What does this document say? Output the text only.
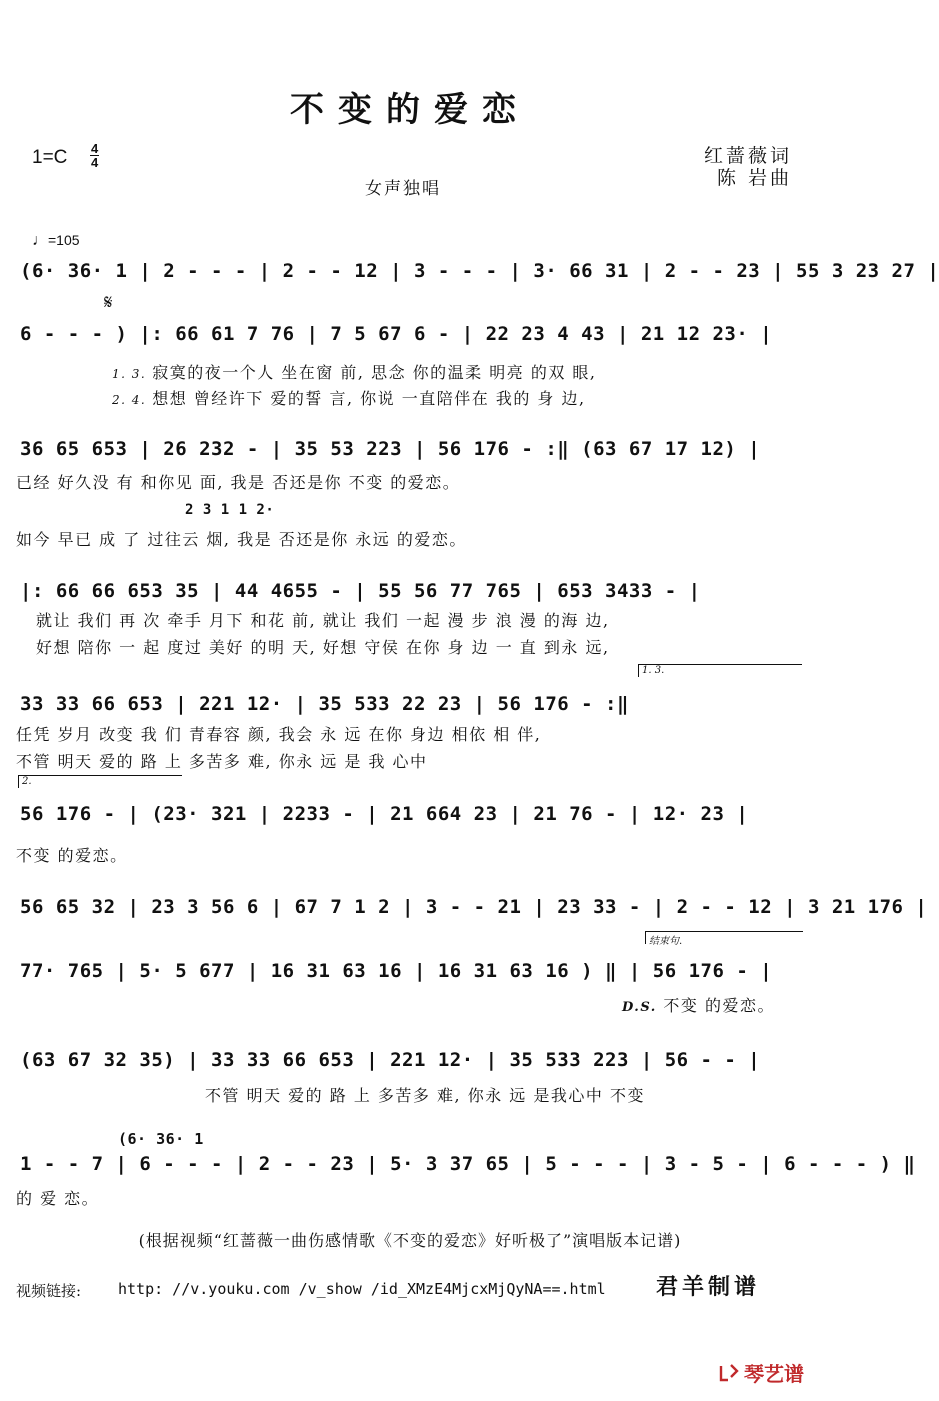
不变的爱恋
1=C 4
4	红蔷薇词
陈 岩曲
女声独唱
♩=105
(6· 36· 1 | 2 - - - | 2 - - 12 | 3 - - - | 3· 66 31 | 2 - - 23 | 55 3 23 27 |
𝄋
6 - - - ) |: 66 61 7 76 | 7 5 67 6 - | 22 23 4 43 | 21 12 23· |
1. 3. 寂寞的夜一个人 坐在窗 前, 思念 你的温柔 明亮 的双 眼,
2. 4. 想想 曾经许下 爱的誓 言, 你说 一直陪伴在 我的 身 边,
36 65 653 | 26 232 - | 35 53 223 | 56 176 - :‖ (63 67 17 12) |
已经 好久没 有 和你见 面, 我是 否还是你 不变 的爱恋。
2 3 1 1 2·
如今 早已 成 了 过往云 烟, 我是 否还是你 永远 的爱恋。
|: 66 66 653 35 | 44 4655 - | 55 56 77 765 | 653 3433 - |
就让 我们 再 次 牵手 月下 和花 前, 就让 我们 一起 漫 步 浪 漫 的海 边,
好想 陪你 一 起 度过 美好 的明 天, 好想 守侯 在你 身 边 一 直 到永 远,
1. 3.
33 33 66 653 | 221 12· | 35 533 22 23 | 56 176 - :‖
任凭 岁月 改变 我 们 青春容 颜, 我会 永 远 在你 身边 相依 相 伴,
不管 明天 爱的 路 上 多苦多 难, 你永 远 是 我 心中
2.
56 176 - | (23· 321 | 2233 - | 21 664 23 | 21 76 - | 12· 23 |
不变 的爱恋。
56 65 32 | 23 3 56 6 | 67 7 1 2 | 3 - - 21 | 23 33 - | 2 - - 12 | 3 21 176 |
结束句.
77· 765 | 5· 5 677 | 16 31 63 16 | 16 31 63 16 ) ‖ | 56 176 - |
D.S. 不变 的爱恋。
(63 67 32 35) | 33 33 66 653 | 221 12· | 35 533 223 | 56 - - |
不管 明天 爱的 路 上 多苦多 难, 你永 远 是我心中 不变
(6· 36· 1
1 - - 7 | 6 - - - | 2 - - 23 | 5· 3 37 65 | 5 - - - | 3 - 5 - | 6 - - - ) ‖
的 爱 恋。
(根据视频“红蔷薇一曲伤感情歌《不变的爱恋》好听极了”演唱版本记谱)
视频链接: http: //v.youku.com /v_show /id_XMzE4MjcxMjQyNA==.html 君羊制谱
琴艺谱
